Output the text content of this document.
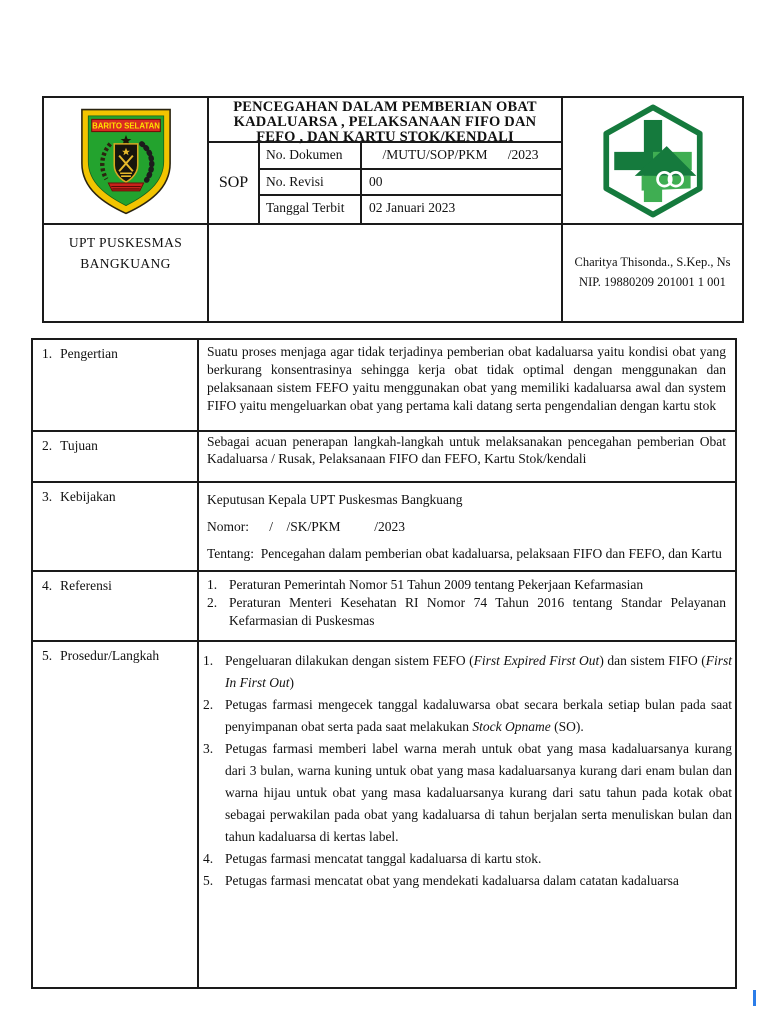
BARITO SELATAN
PENCEGAHAN DALAM PEMBERIAN OBAT
KADALUARSA , PELAKSANAAN FIFO DAN
FEFO , DAN KARTU STOK/KENDALI
SOP
No. Dokumen	/MUTU/SOP/PKM      /2023
No. Revisi	00
Tanggal Terbit	02 Januari 2023
UPT PUSKESMAS
BANGKUANG	Charitya Thisonda., S.Kep., Ns
NIP. 19880209 201001 1 001
1. Pengertian	Suatu proses menjaga agar tidak terjadinya pemberian obat kadaluarsa yaitu kondisi obat yang berkurang konsentrasinya sehingga kerja obat tidak optimal dengan menggunakan dan pelaksanaan sistem FEFO yaitu menggunakan obat yang memiliki kadaluarsa awal dan system FIFO yaitu mengeluarkan obat yang pertama kali datang serta pengendalian dengan kartu stok

2. Tujuan	Sebagai acuan penerapan langkah-langkah untuk melaksanakan pencegahan pemberian Obat Kadaluarsa / Rusak, Pelaksanaan FIFO dan FEFO, Kartu Stok/kendali

3. Kebijakan	Keputusan Kepala UPT Puskesmas Bangkuang

Nomor:      /    /SK/PKM          /2023

Tentang:  Pencegahan dalam pemberian obat kadaluarsa, pelaksaan FIFO dan FEFO, dan Kartu

4. Referensi	1. Peraturan Pemerintah Nomor 51 Tahun 2009 tentang Pekerjaan Kefarmasian
2. Peraturan Menteri Kesehatan RI Nomor 74 Tahun 2016 tentang Standar Pelayanan Kefarmasian di Puskesmas
5. Prosedur/Langkah	1. Pengeluaran dilakukan dengan sistem FEFO (First Expired First Out) dan sistem FIFO (First In First Out)
2. Petugas farmasi mengecek tanggal kadaluwarsa obat secara berkala setiap bulan pada saat penyimpanan obat serta pada saat melakukan Stock Opname (SO).
3. Petugas farmasi memberi label warna merah untuk obat yang masa kadaluarsanya kurang dari 3 bulan, warna kuning untuk obat yang masa kadaluarsanya kurang dari enam bulan dan warna hijau untuk obat yang masa kadaluarsanya kurang dari satu tahun pada kotak obat sebagai perwakilan pada obat yang kadaluarsa di tahun berjalan serta menuliskan bulan dan tahun kadaluarsa di kertas label.
4. Petugas farmasi mencatat tanggal kadaluarsa di kartu stok.
5. Petugas farmasi mencatat obat yang mendekati kadaluarsa dalam catatan kadaluarsa
